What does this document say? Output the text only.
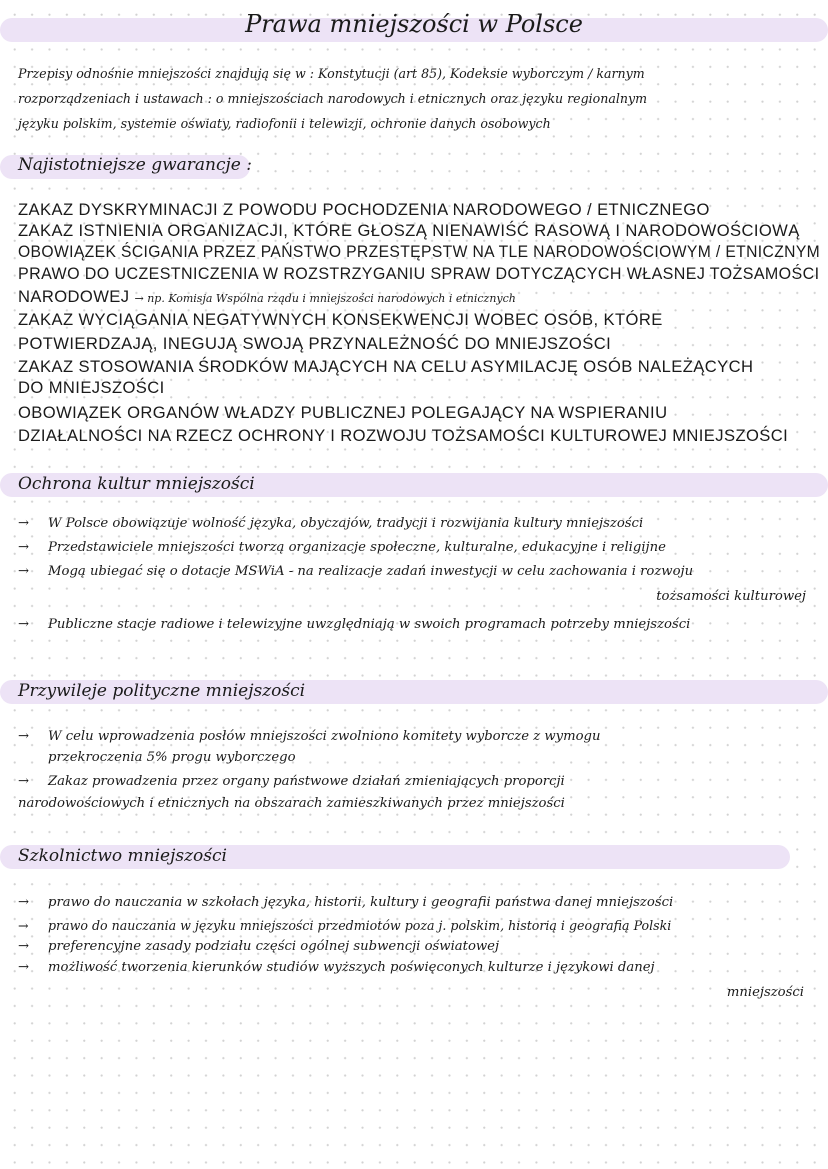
Prawa mniejszości w Polsce
Przepisy odnośnie mniejszości znajdują się w : Konstytucji (art 85), Kodeksie wyborczym / karnym
rozporządzeniach i ustawach : o mniejszościach narodowych i etnicznych oraz języku regionalnym
języku polskim, systemie oświaty, radiofonii i telewizji, ochronie danych osobowych
Najistotniejsze gwarancje :
ZAKAZ DYSKRYMINACJI Z POWODU POCHODZENIA NARODOWEGO / ETNICZNEGO
ZAKAZ ISTNIENIA ORGANIZACJI, KTÓRE GŁOSZĄ NIENAWIŚĆ RASOWĄ I NARODOWOŚCIOWĄ
OBOWIĄZEK ŚCIGANIA PRZEZ PAŃSTWO PRZESTĘPSTW NA TLE NARODOWOŚCIOWYM / ETNICZNYM
PRAWO DO UCZESTNICZENIA W ROZSTRZYGANIU SPRAW DOTYCZĄCYCH WŁASNEJ TOŻSAMOŚCI
NARODOWEJ → np. Komisja Wspólna rządu i mniejszości narodowych i etnicznych
ZAKAZ WYCIĄGANIA NEGATYWNYCH KONSEKWENCJI WOBEC OSÓB, KTÓRE
POTWIERDZAJĄ, INEGUJĄ SWOJĄ PRZYNALEŻNOŚĆ DO MNIEJSZOŚCI
ZAKAZ STOSOWANIA ŚRODKÓW MAJĄCYCH NA CELU ASYMILACJĘ OSÓB NALEŻĄCYCH
DO MNIEJSZOŚCI
OBOWIĄZEK ORGANÓW WŁADZY PUBLICZNEJ POLEGAJĄCY NA WSPIERANIU
DZIAŁALNOŚCI NA RZECZ OCHRONY I ROZWOJU TOŻSAMOŚCI KULTUROWEJ MNIEJSZOŚCI
Ochrona kultur mniejszości
→ W Polsce obowiązuje wolność języka, obyczajów, tradycji i rozwijania kultury mniejszości
→ Przedstawiciele mniejszości tworzą organizacje społeczne, kulturalne, edukacyjne i religijne
→ Mogą ubiegać się o dotacje MSWiA - na realizacje zadań inwestycji w celu zachowania i rozwoju
tożsamości kulturowej
→ Publiczne stacje radiowe i telewizyjne uwzględniają w swoich programach potrzeby mniejszości
Przywileje polityczne mniejszości
→ W celu wprowadzenia posłów mniejszości zwolniono komitety wyborcze z wymogu
przekroczenia 5% progu wyborczego
→ Zakaz prowadzenia przez organy państwowe działań zmieniających proporcji
narodowościowych i etnicznych na obszarach zamieszkiwanych przez mniejszości
Szkolnictwo mniejszości
→ prawo do nauczania w szkołach języka, historii, kultury i geografii państwa danej mniejszości
→ prawo do nauczania w języku mniejszości przedmiotów poza j. polskim, historią i geografią Polski
→ preferencyjne zasady podziału części ogólnej subwencji oświatowej
→ możliwość tworzenia kierunków studiów wyższych poświęconych kulturze i językowi danej
mniejszości
